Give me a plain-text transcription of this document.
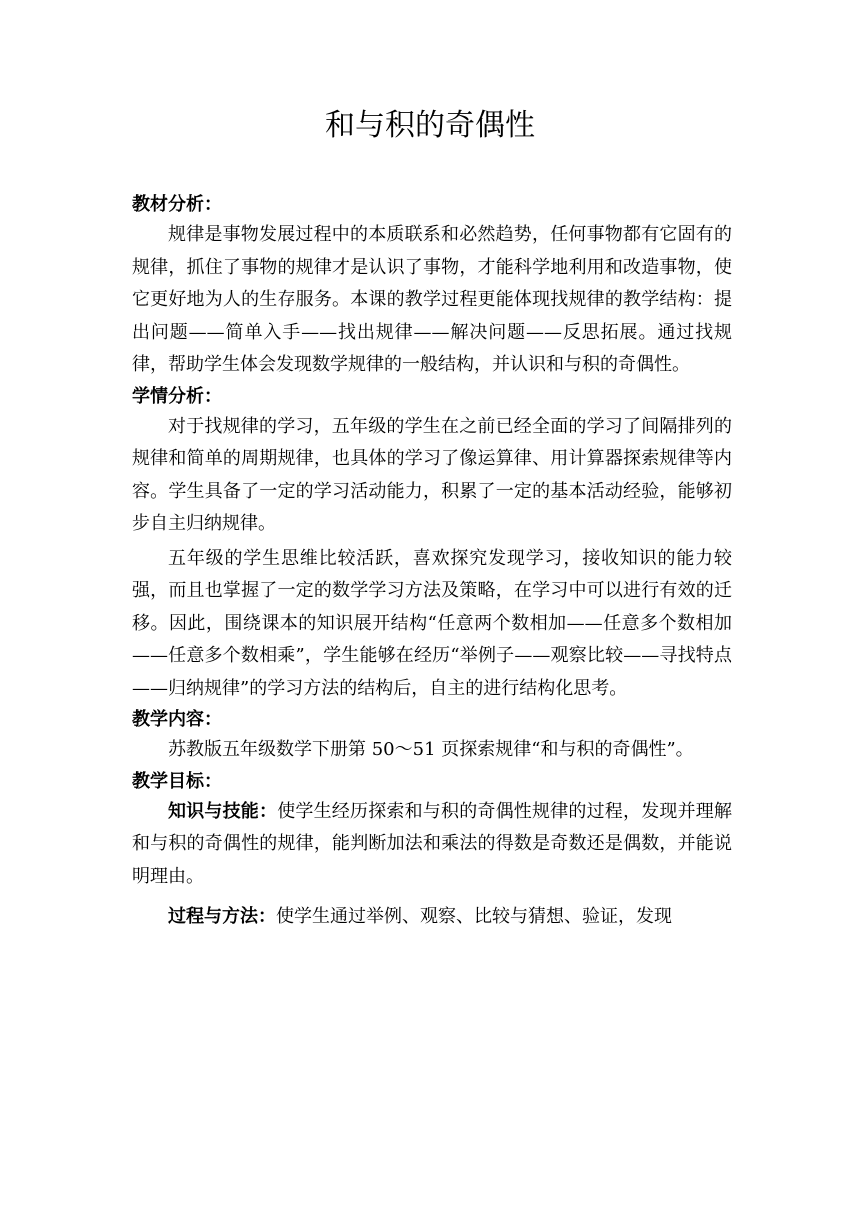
和与积的奇偶性

教材分析：

规律是事物发展过程中的本质联系和必然趋势，任何事物都有它固有的规律，抓住了事物的规律才是认识了事物，才能科学地利用和改造事物，使它更好地为人的生存服务。本课的教学过程更能体现找规律的教学结构：提出问题——简单入手——找出规律——解决问题——反思拓展。通过找规律，帮助学生体会发现数学规律的一般结构，并认识和与积的奇偶性。

学情分析：

对于找规律的学习，五年级的学生在之前已经全面的学习了间隔排列的规律和简单的周期规律，也具体的学习了像运算律、用计算器探索规律等内容。学生具备了一定的学习活动能力，积累了一定的基本活动经验，能够初步自主归纳规律。

五年级的学生思维比较活跃，喜欢探究发现学习，接收知识的能力较强，而且也掌握了一定的数学学习方法及策略，在学习中可以进行有效的迁移。因此，围绕课本的知识展开结构“任意两个数相加——任意多个数相加——任意多个数相乘”，学生能够在经历“举例子——观察比较——寻找特点——归纳规律”的学习方法的结构后，自主的进行结构化思考。

教学内容：

苏教版五年级数学下册第 50～51 页探索规律“和与积的奇偶性”。

教学目标：

知识与技能：使学生经历探索和与积的奇偶性规律的过程，发现并理解和与积的奇偶性的规律，能判断加法和乘法的得数是奇数还是偶数，并能说明理由。

过程与方法：使学生通过举例、观察、比较与猜想、验证，发现
